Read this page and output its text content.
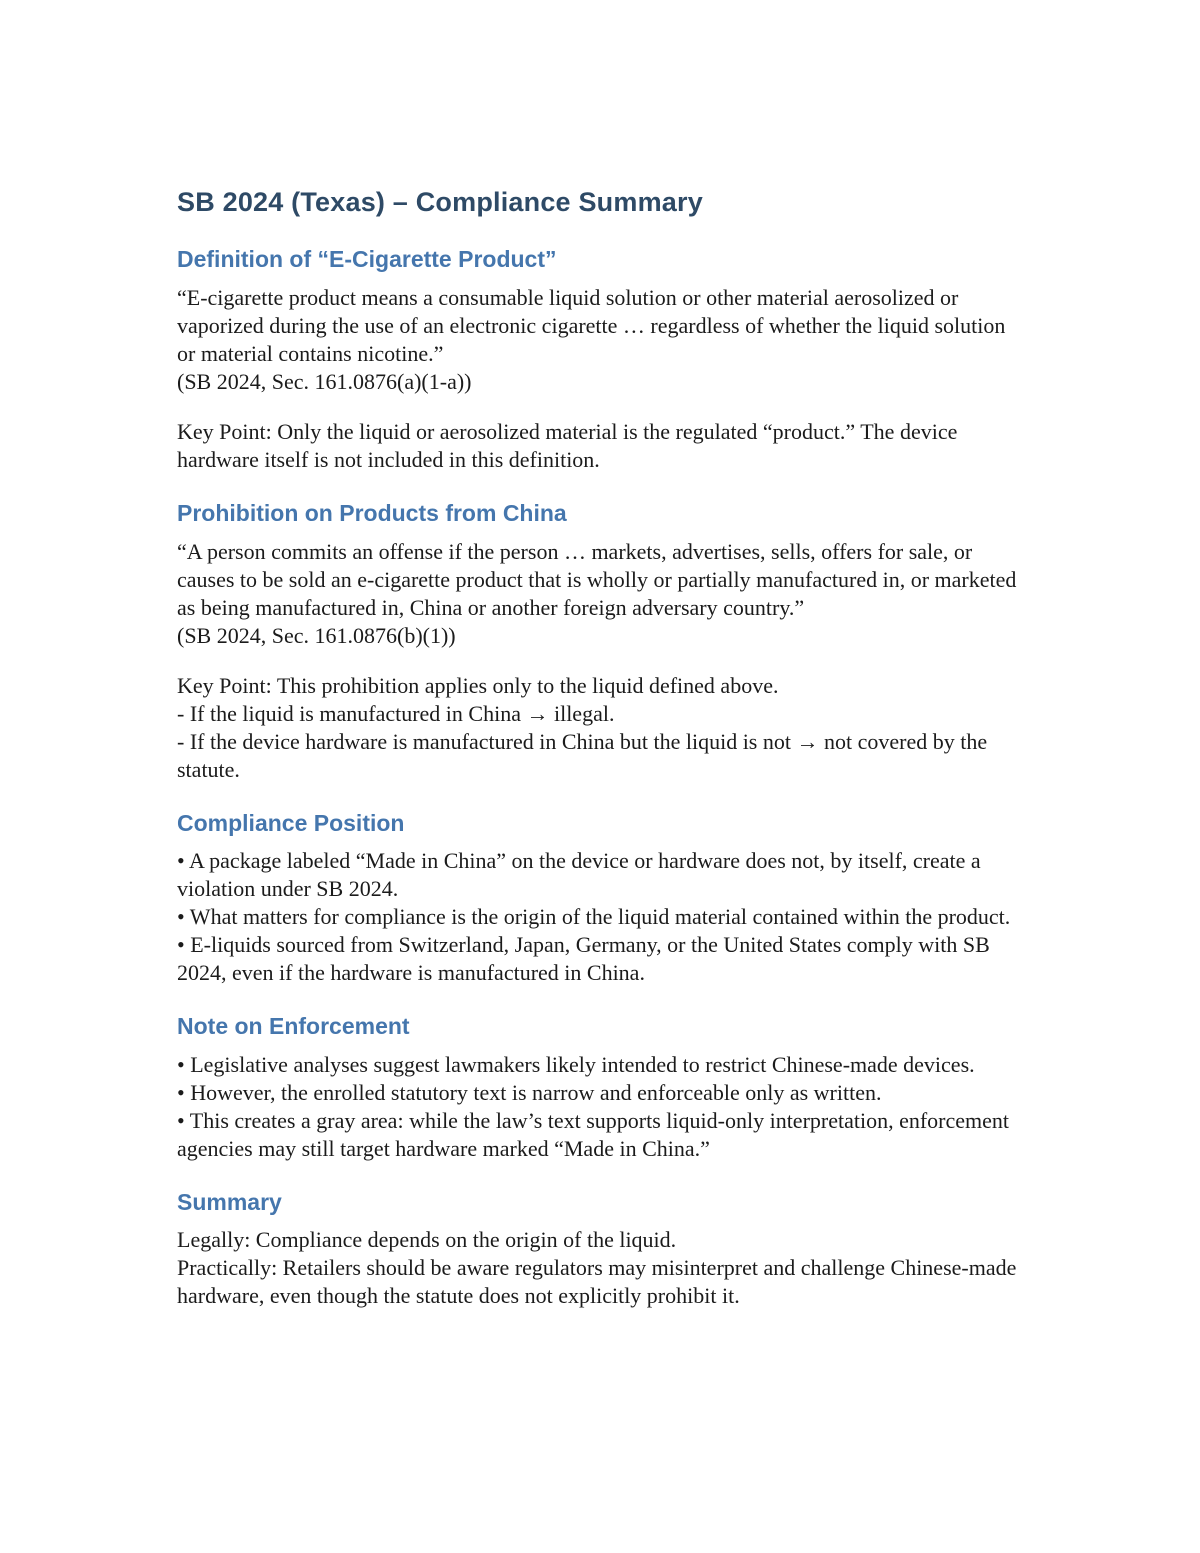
SB 2024 (Texas) – Compliance Summary
Definition of “E-Cigarette Product”

“E-cigarette product means a consumable liquid solution or other material aerosolized or vaporized during the use of an electronic cigarette … regardless of whether the liquid solution or material contains nicotine.”
(SB 2024, Sec. 161.0876(a)(1-a))

Key Point: Only the liquid or aerosolized material is the regulated “product.” The device hardware itself is not included in this definition.

Prohibition on Products from China

“A person commits an offense if the person … markets, advertises, sells, offers for sale, or causes to be sold an e-cigarette product that is wholly or partially manufactured in, or marketed as being manufactured in, China or another foreign adversary country.”
(SB 2024, Sec. 161.0876(b)(1))

Key Point: This prohibition applies only to the liquid defined above.
- If the liquid is manufactured in China → illegal.
- If the device hardware is manufactured in China but the liquid is not → not covered by the statute.

Compliance Position

• A package labeled “Made in China” on the device or hardware does not, by itself, create a violation under SB 2024.
• What matters for compliance is the origin of the liquid material contained within the product.
• E-liquids sourced from Switzerland, Japan, Germany, or the United States comply with SB 2024, even if the hardware is manufactured in China.

Note on Enforcement

• Legislative analyses suggest lawmakers likely intended to restrict Chinese-made devices.
• However, the enrolled statutory text is narrow and enforceable only as written.
• This creates a gray area: while the law’s text supports liquid-only interpretation, enforcement agencies may still target hardware marked “Made in China.”

Summary

Legally: Compliance depends on the origin of the liquid.
Practically: Retailers should be aware regulators may misinterpret and challenge Chinese-made hardware, even though the statute does not explicitly prohibit it.
